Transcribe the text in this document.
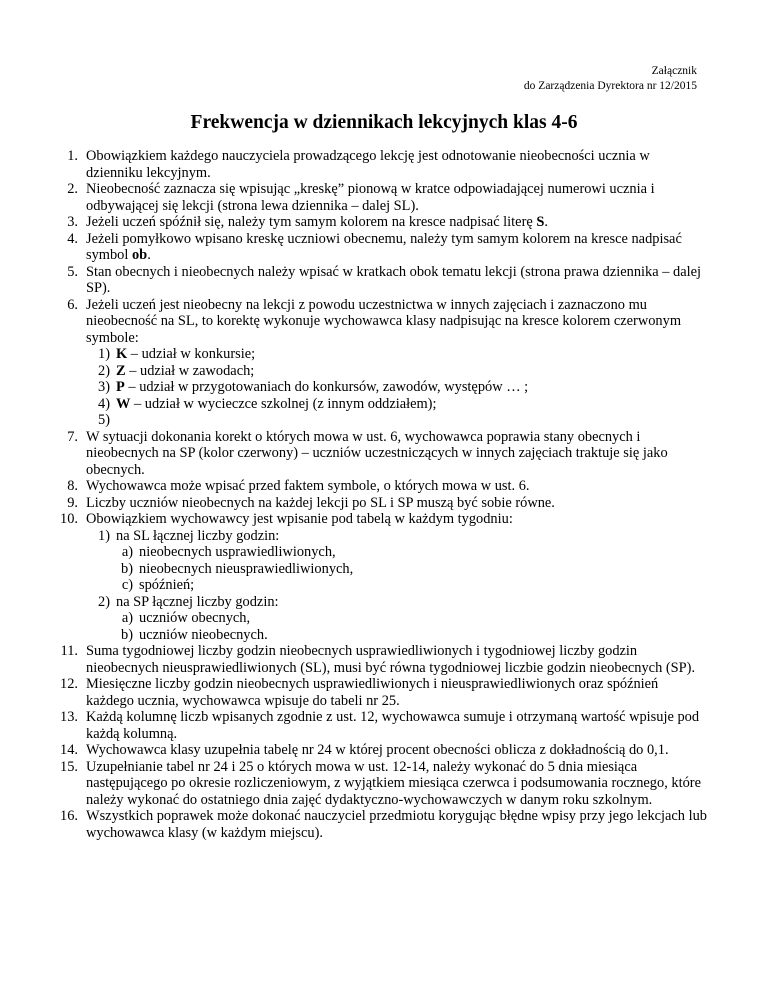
Załącznik
do Zarządzenia Dyrektora nr 12/2015
Frekwencja w dziennikach lekcyjnych klas 4-6
1. Obowiązkiem każdego nauczyciela prowadzącego lekcję jest odnotowanie nieobecności ucznia w dzienniku lekcyjnym.
2. Nieobecność zaznacza się wpisując „kreskę” pionową w kratce odpowiadającej numerowi ucznia i odbywającej się lekcji (strona lewa dziennika – dalej SL).
3. Jeżeli uczeń spóźnił się, należy tym samym kolorem na kresce nadpisać literę S.
4. Jeżeli pomyłkowo wpisano kreskę uczniowi obecnemu, należy tym samym kolorem na kresce nadpisać symbol ob.
5. Stan obecnych i nieobecnych należy wpisać w kratkach obok tematu lekcji (strona prawa dziennika – dalej SP).
6. Jeżeli uczeń jest nieobecny na lekcji z powodu uczestnictwa w innych zajęciach i zaznaczono mu nieobecność na SL, to korektę wykonuje wychowawca klasy nadpisując na kresce kolorem czerwonym symbole:
1) K – udział w konkursie;
2) Z – udział w zawodach;
3) P – udział w przygotowaniach do konkursów, zawodów, występów … ;
4) W – udział w wycieczce szkolnej (z innym oddziałem);
5)
7. W sytuacji dokonania korekt o których mowa w ust. 6, wychowawca poprawia stany obecnych i nieobecnych na SP (kolor czerwony) – uczniów uczestniczących w innych zajęciach traktuje się jako obecnych.
8. Wychowawca może wpisać przed faktem symbole, o których mowa w ust. 6.
9. Liczby uczniów nieobecnych na każdej lekcji po SL i SP muszą być sobie równe.
10. Obowiązkiem wychowawcy jest wpisanie pod tabelą w każdym tygodniu:
1) na SL łącznej liczby godzin:
a) nieobecnych usprawiedliwionych,
b) nieobecnych nieusprawiedliwionych,
c) spóźnień;
2) na SP łącznej liczby godzin:
a) uczniów obecnych,
b) uczniów nieobecnych.
11. Suma tygodniowej liczby godzin nieobecnych usprawiedliwionych i tygodniowej liczby godzin nieobecnych nieusprawiedliwionych (SL), musi być równa tygodniowej liczbie godzin nieobecnych (SP).
12. Miesięczne liczby godzin nieobecnych usprawiedliwionych i nieusprawiedliwionych oraz spóźnień każdego ucznia, wychowawca wpisuje do tabeli nr 25.
13. Każdą kolumnę liczb wpisanych zgodnie z ust. 12, wychowawca sumuje i otrzymaną wartość wpisuje pod każdą kolumną.
14. Wychowawca klasy uzupełnia tabelę nr 24 w której procent obecności oblicza z dokładnością do 0,1.
15. Uzupełnianie tabel nr 24 i 25 o których mowa w ust. 12-14, należy wykonać do 5 dnia miesiąca następującego po okresie rozliczeniowym, z wyjątkiem miesiąca czerwca i podsumowania rocznego, które należy wykonać do ostatniego dnia zajęć dydaktyczno-wychowawczych w danym roku szkolnym.
16. Wszystkich poprawek może dokonać nauczyciel przedmiotu korygując błędne wpisy przy jego lekcjach lub wychowawca klasy (w każdym miejscu).
